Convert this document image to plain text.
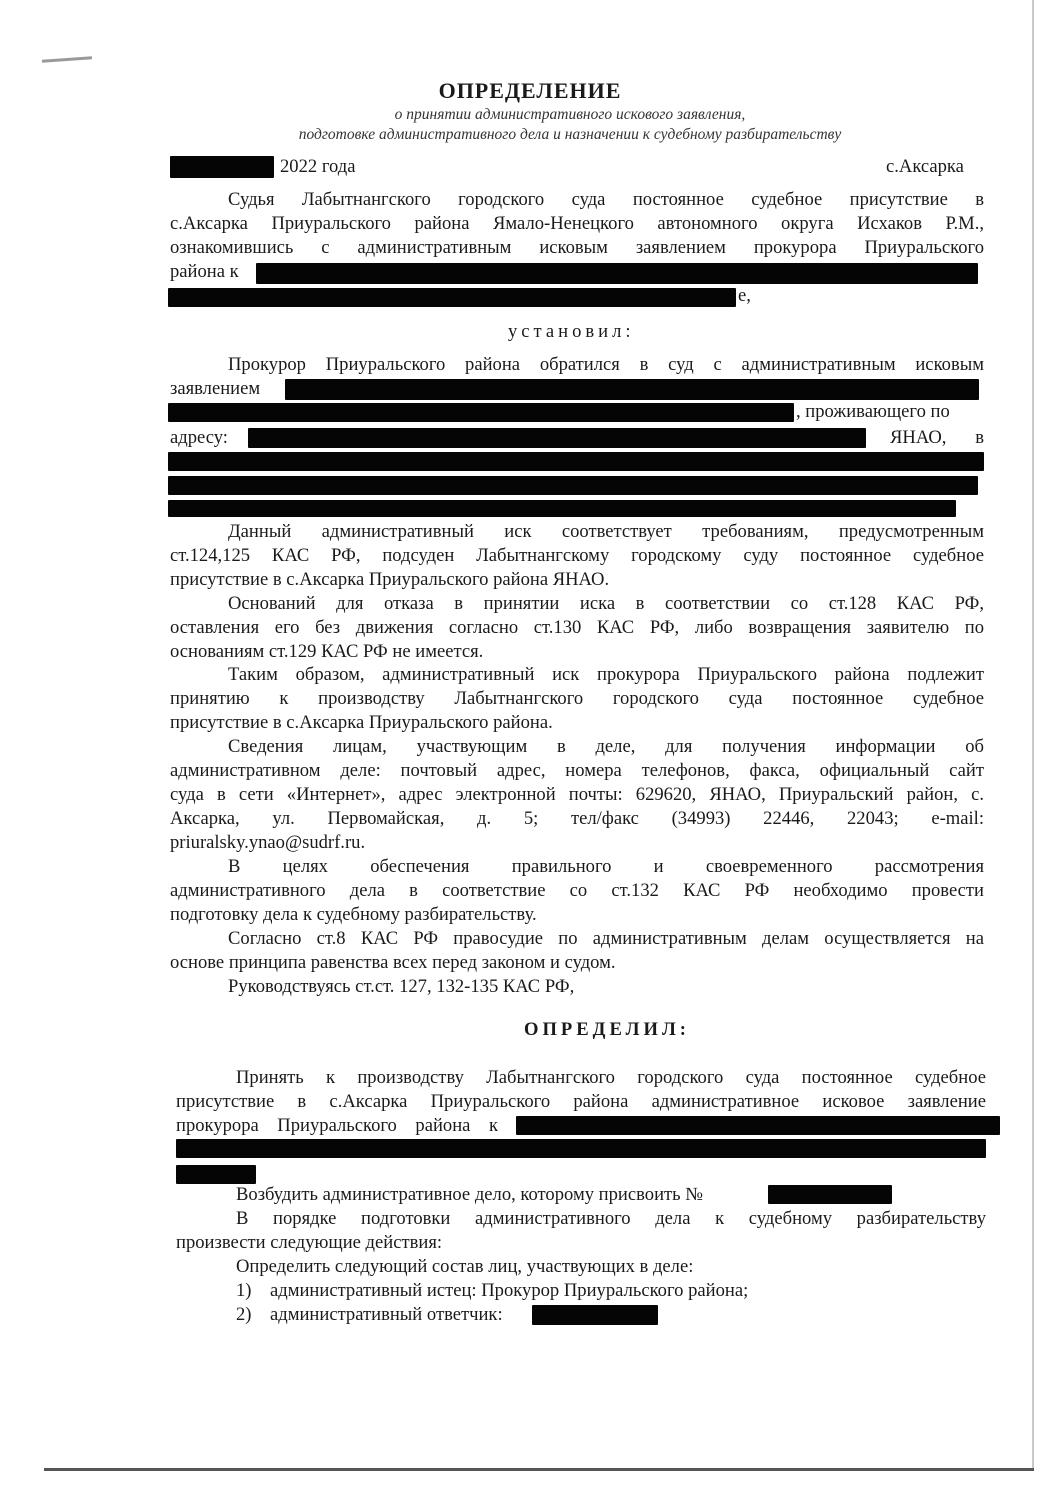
ОПРЕДЕЛЕНИЕ
о принятии административного искового заявления,
подготовке административного дела и назначении к судебному разбирательству
2022 года	с.Аксарка
Судья Лабытнангского городского суда постоянное судебное присутствие в
с.Аксарка Приуральского района Ямало-Ненецкого автономного округа Исхаков Р.М.,
ознакомившись с административным исковым заявлением прокурора Приуральского
района к
е,
установил:
Прокурор Приуральского района обратился в суд с административным исковым
заявлением
, проживающего по
адресу:	ЯНАО, в
Данный административный иск соответствует требованиям, предусмотренным
ст.124,125 КАС РФ, подсуден Лабытнангскому городскому суду постоянное судебное
присутствие в с.Аксарка Приуральского района ЯНАО.
Оснований для отказа в принятии иска в соответствии со ст.128 КАС РФ,
оставления его без движения согласно ст.130 КАС РФ, либо возвращения заявителю по
основаниям ст.129 КАС РФ не имеется.
Таким образом, административный иск прокурора Приуральского района подлежит
принятию к производству Лабытнангского городского суда постоянное судебное
присутствие в с.Аксарка Приуральского района.
Сведения лицам, участвующим в деле, для получения информации об
административном деле: почтовый адрес, номера телефонов, факса, официальный сайт
суда в сети «Интернет», адрес электронной почты: 629620, ЯНАО, Приуральский район, с.
Аксарка, ул. Первомайская, д. 5; тел/факс (34993) 22446, 22043; e-mail:
priuralsky.ynao@sudrf.ru.
В целях обеспечения правильного и своевременного рассмотрения
административного дела в соответствие со ст.132 КАС РФ необходимо провести
подготовку дела к судебному разбирательству.
Согласно ст.8 КАС РФ правосудие по административным делам осуществляется на
основе принципа равенства всех перед законом и судом.
Руководствуясь ст.ст. 127, 132-135 КАС РФ,
ОПРЕДЕЛИЛ:
Принять к производству Лабытнангского городского суда постоянное судебное
присутствие в с.Аксарка Приуральского района административное исковое заявление
прокурора Приуральского района к
Возбудить административное дело, которому присвоить №
В порядке подготовки административного дела к судебному разбирательству
произвести следующие действия:
Определить следующий состав лиц, участвующих в деле:
1) административный истец: Прокурор Приуральского района;
2) административный ответчик:
